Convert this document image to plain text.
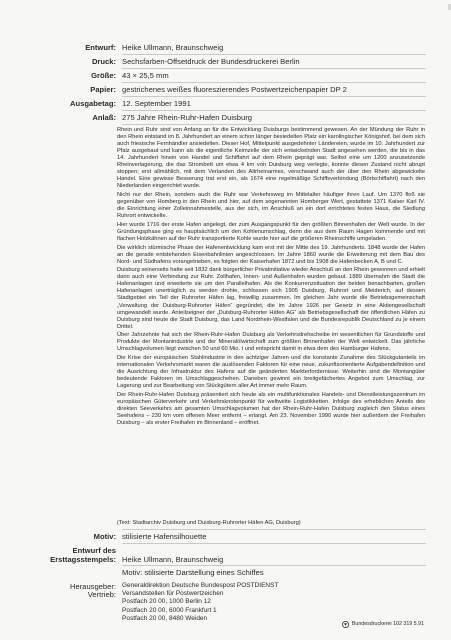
Entwurf: Heike Ullmann, Braunschweig
Druck: Sechsfarben-Offsetdruck der Bundesdruckerei Berlin
Größe: 43 × 25,5 mm
Papier: gestrichenes weißes fluoreszierendes Postwertzeichenpapier DP 2
Ausgabetag: 12. September 1991
Anlaß: 275 Jahre Rhein-Ruhr-Hafen Duisburg

Rhein und Ruhr sind von Anfang an für die Entwicklung Duisburgs bestimmend gewesen. An der Mündung der Ruhr in den Rhein entstand im 8. Jahrhundert an einem schon länger besiedelten Platz ein karolingischer Königshof, bei dem sich auch friesische Fernhändler ansiedelten. Dieser Hof, Mittelpunkt ausgedehnter Ländereien, wurde im 10. Jahrhundert zur Pfalz ausgebaut und kann als die eigentliche Keimzelle der sich entwickelnden Stadt angesehen werden, die bis in das 14. Jahrhundert hinein von Handel und Schiffahrt auf dem Rhein geprägt war. Selbst eine um 1200 anzusetzende Rheinverlagerung, die das Strombett um etwa 4 km von Duisburg weg verlegte, konnte diesen Zustand nicht abrupt stoppen; erst allmählich, mit dem Verlanden des Altrheinarmes, verschwand auch der über den Rhein abgewickelte Handel. Eine gewisse Besserung trat erst ein, als 1674 eine regelmäßige Schiffsverbindung (Börtschiffahrt) nach den Niederlanden eingerichtet wurde.

Nicht nur der Rhein, sondern auch die Ruhr war Verkehrsweg im Mittelalter häufiger ihren Lauf. Um 1370 floß sie gegenüber von Homberg in den Rhein und hier, auf dem sogenannten Homberger Wert, gestattete 1371 Kaiser Karl IV. die Einrichtung einer Zolleinnahmestelle, aus der sich, im Anschluß an ein dort errichtetes festes Haus, die Siedlung Ruhrort entwickelte.

Hier wurde 1716 der erste Hafen angelegt, der zum Ausgangspunkt für den größten Binnenhafen der Welt wurde. In der Gründungsphase ging es hauptsächlich um den Kohlenumschlag, denn die aus dem Raum Hagen kommende und mit flachen Holzkähnen auf der Ruhr transportierte Kohle wurde hier auf die größeren Rheinschiffe umgeladen.

Die wirklich stürmische Phase der Hafenentwicklung kam erst mit der Mitte des 19. Jahrhunderts. 1848 wurde der Hafen an die gerade entstehenden Eisenbahnlinien angeschlossen. Im Jahre 1860 wurde die Erweiterung mit dem Bau des Nord- und Südhafens vorangetrieben, es folgten der Kaiserhafen 1872 und bis 1908 die Hafenbecken A, B und C.

Duisburg seinerseits hatte seit 1832 dank bürgerlicher Privatinitiative wieder Anschluß an den Rhein gewonnen und erhielt dann auch eine Verbindung zur Ruhr. Zollhafen, Innen- und Außenhafen wurden gebaut. 1889 übernahm die Stadt die Hafenanlagen und erweiterte sie um den Parallelhafen. Als die Konkurrenzsituation der beiden benachbarten, großen Hafenanlagen unerträglich zu werden drohte, schlossen sich 1905 Duisburg, Ruhrort und Meiderich, auf dessen Stadtgebiet ein Teil der Ruhrorter Häfen lag, freiwillig zusammen. Im gleichen Jahr wurde die Betriebsgemeinschaft „Verwaltung der Duisburg-Ruhrorter Häfen“ gegründet, die im Jahre 1926 per Gesetz in eine Aktiengesellschaft umgewandelt wurde. Anteilseigner der „Duisburg-Ruhrorter Häfen AG“ als Betriebsgesellschaft der öffentlichen Häfen zu Duisburg sind heute die Stadt Duisburg, das Land Nordrhein-Westfalen und die Bundesrepublik Deutschland zu je einem Drittel.

Über Jahrzehnte hat sich der Rhein-Ruhr-Hafen Duisburg als Verkehrsdrehscheibe im wesentlichen für Grundstoffe und Produkte der Montanindustrie und der Mineralölwirtschaft zum größten Binnenhafen der Welt entwickelt. Das jährliche Umschlagvolumen liegt zwischen 50 und 60 Mio. t und entspricht damit in etwa dem des Hamburger Hafens.

Die Krise der europäischen Stahlindustrie in den achtziger Jahren und die konstante Zunahme des Stückgutanteils im internationalen Verkehrsmarkt waren die auslösenden Faktoren für eine neue, zukunftsorientierte Aufgabendefinition und die Ausrichtung der Infrastruktur des Hafens auf die geänderten Markterfordernisse. Weiterhin sind die Montangüter bedeutende Faktoren im Umschlaggeschehen. Daneben gewinnt ein breitgefächertes Angebot zum Umschlag, zur Lagerung und zur Bearbeitung von Stückgütern aller Art immer mehr Raum.

Der Rhein-Ruhr-Hafen Duisburg präsentiert sich heute als ein multifunktionales Handels- und Dienstleistungszentrum im europäischen Güterverkehr und Verkehrsknotenpunkt für weltweite Logistikketten. Infolge des erheblichen Anteils des direkten Seeverkehrs am gesamten Umschlagvolumen hat der Rhein-Ruhr-Hafen Duisburg zugleich den Status eines Seehafens – 230 km vom offenen Meer entfernt – erlangt. Am 23. November 1990 wurde hier außerdem der Freihafen Duisburg – als erster Freihafen im Binnenland – eröffnet.

(Text: Stadtarchiv Duisburg und Duisburg-Ruhrorter Häfen AG, Duisburg)
Motiv: stilisierte Hafensilhouette
Entwurf des
Ersttagsstempels: Heike Ullmann, Braunschweig
Motiv: stilisierte Darstellung eines Schiffes
Herausgeber:
Vertrieb:
Generaldirektion Deutsche Bundespost POSTDIENST
Versandstellen für Postwertzeichen
Postfach 20 00, 1000 Berlin 12
Postfach 20 00, 6000 Frankfurt 1
Postfach 20 00, 8480 Weiden
Bundesdruckerei 102 319 5.91
